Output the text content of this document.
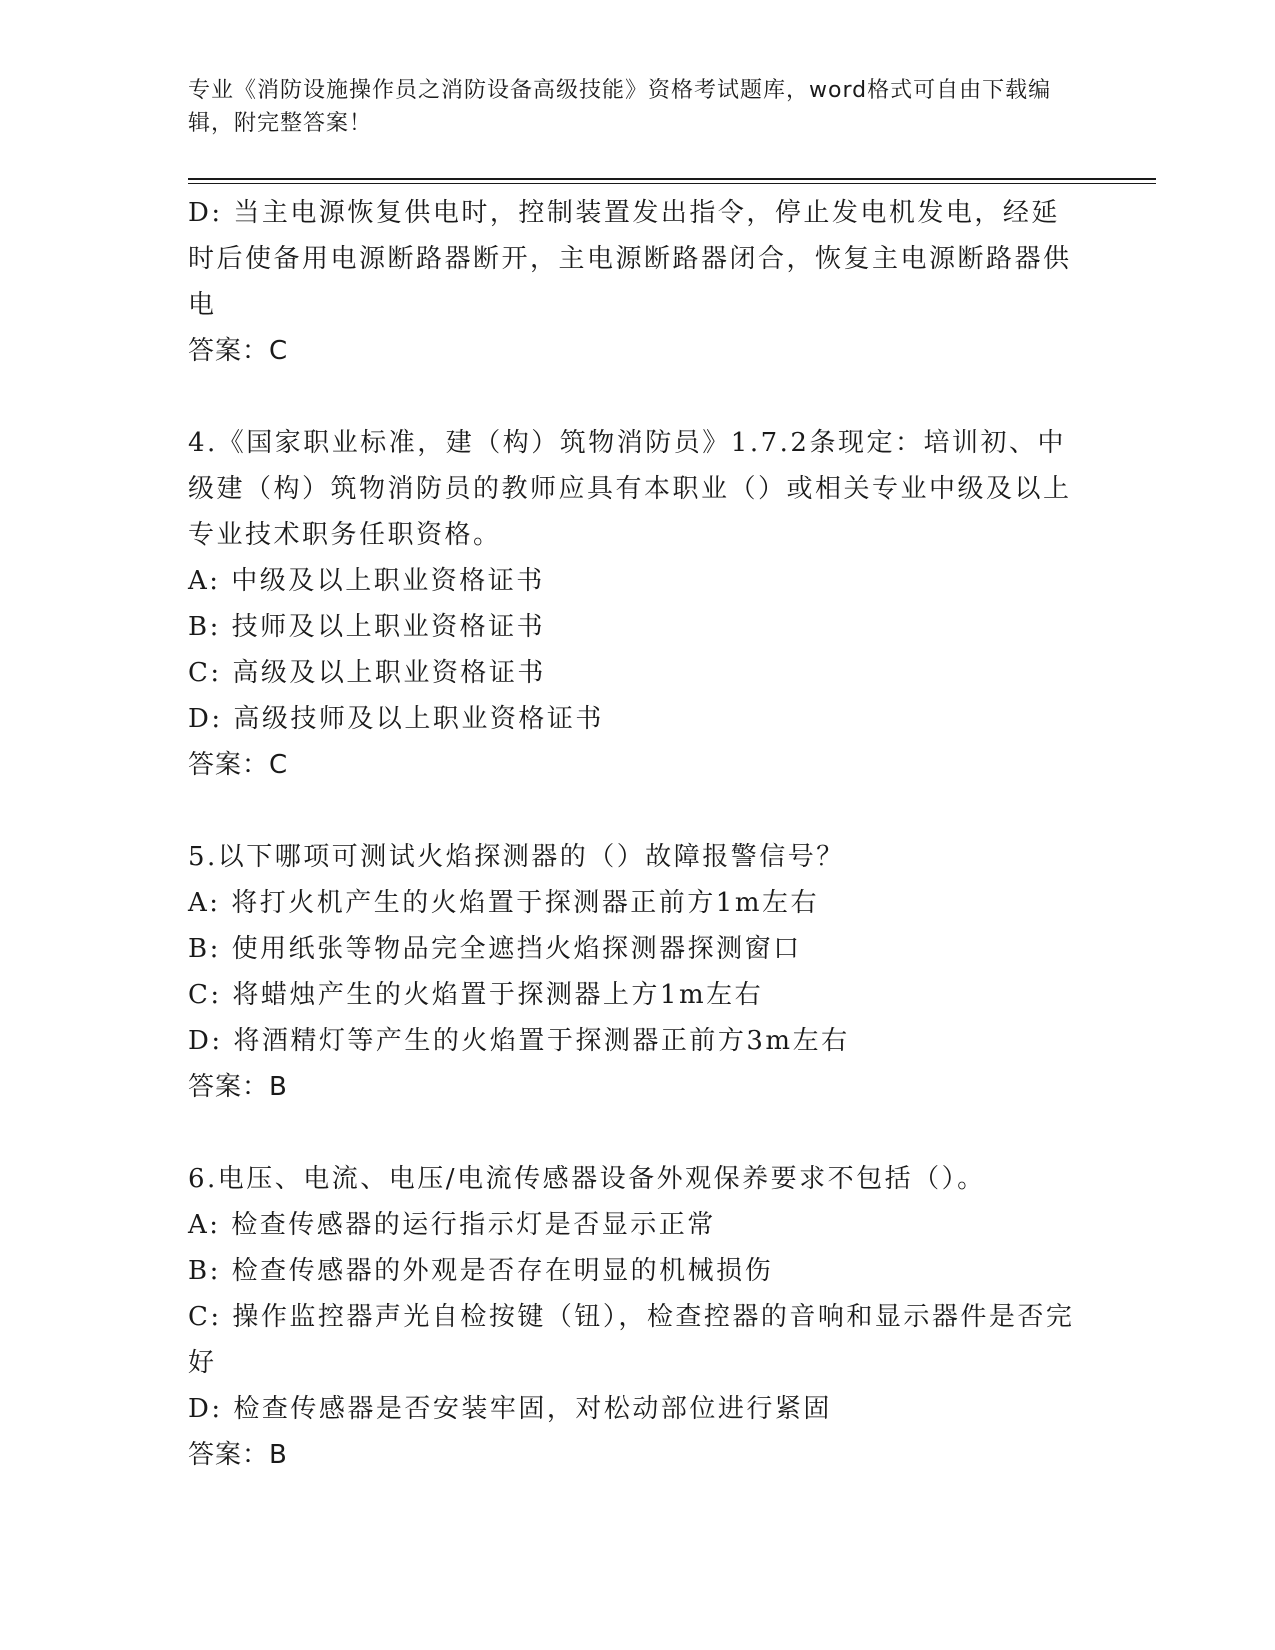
专业《消防设施操作员之消防设备高级技能》资格考试题库，word格式可自由下载编辑，附完整答案！

D: 当主电源恢复供电时，控制装置发出指令，停止发电机发电，经延时后使备用电源断路器断开，主电源断路器闭合，恢复主电源断路器供电

答案：C

4.《国家职业标准，建（构）筑物消防员》1.7.2条现定：培训初、中级建（构）筑物消防员的教师应具有本职业（）或相关专业中级及以上专业技术职务任职资格。

A: 中级及以上职业资格证书

B: 技师及以上职业资格证书

C: 高级及以上职业资格证书

D: 高级技师及以上职业资格证书

答案：C

5.以下哪项可测试火焰探测器的（）故障报警信号？

A: 将打火机产生的火焰置于探测器正前方1m左右

B: 使用纸张等物品完全遮挡火焰探测器探测窗口

C: 将蜡烛产生的火焰置于探测器上方1m左右

D: 将酒精灯等产生的火焰置于探测器正前方3m左右

答案：B

6.电压、电流、电压/电流传感器设备外观保养要求不包括（）。

A: 检查传感器的运行指示灯是否显示正常

B: 检查传感器的外观是否存在明显的机械损伤

C: 操作监控器声光自检按键（钮），检查控器的音响和显示器件是否完好

D: 检查传感器是否安装牢固，对松动部位进行紧固

答案：B
